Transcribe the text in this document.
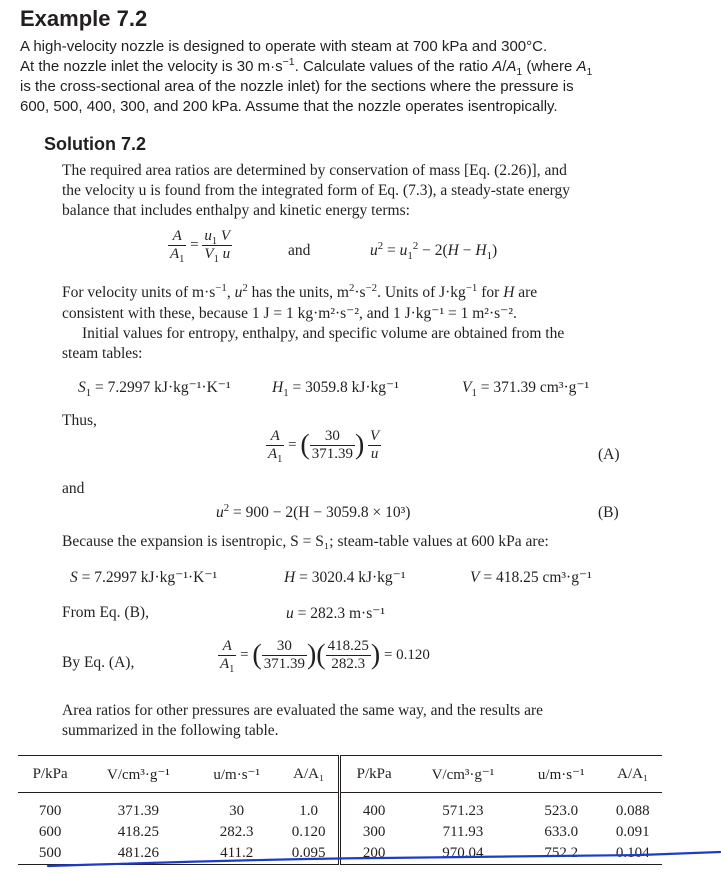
Example 7.2
A high-velocity nozzle is designed to operate with steam at 700 kPa and 300°C.
At the nozzle inlet the velocity is 30 $m\cdot s^{-1}$. Calculate values of the ratio $A/A_1$ (where $A_1$
is the cross-sectional area of the nozzle inlet) for the sections where the pressure is
600, 500, 400, 300, and 200 kPa. Assume that the nozzle operates isentropically.
Solution 7.2
The required area ratios are determined by conservation of mass [Eq. (2.26)], and
the velocity u is found from the integrated form of Eq. (7.3), a steady-state energy
balance that includes enthalpy and kinetic energy terms:
$\frac{A}{A_1} = \frac{u_1 V}{V_1 u}$	and	$u^2 = u_1^2 - 2(H - H_1)$
For velocity units of $m\cdot s^{-1}$, $u^2$ has the units, $m^2\cdot s^{-2}$. Units of $J\cdot kg^{-1}$ for H are
consistent with these, because 1 J = 1 kg·m²·s⁻², and 1 J·kg⁻¹ = 1 m²·s⁻².
Initial values for entropy, enthalpy, and specific volume are obtained from the
steam tables:
$S_1 = 7.2997$ kJ·kg⁻¹·K⁻¹	$H_1 = 3059.8$ kJ·kg⁻¹	$V_1 = 371.39$ cm³·g⁻¹
Thus,
$\frac{A}{A_1}$ = ( $\frac{30}{371.39}$ ) $\frac{V}{u}$	(A)
and
$u^2 = 900 - 2(H - 3059.8 \times 10^3)$	(B)
Because the expansion is isentropic, S = S₁; steam-table values at 600 kPa are:
S = 7.2997 kJ·kg⁻¹·K⁻¹	H = 3020.4 kJ·kg⁻¹	V = 418.25 cm³·g⁻¹
From Eq. (B),	u = 282.3 m·s⁻¹
By Eq. (A),	$\frac{A}{A_1}$ = ( $\frac{30}{371.39}$ )( $\frac{418.25}{282.3}$ ) = 0.120
Area ratios for other pressures are evaluated the same way, and the results are
summarized in the following table.
P/kPa	V/cm³·g⁻¹	u/m·s⁻¹	A/A₁	P/kPa	V/cm³·g⁻¹	u/m·s⁻¹	A/A₁
700	371.39	30	1.0	400	571.23	523.0	0.088
600	418.25	282.3	0.120	300	711.93	633.0	0.091
500	481.26	411.2	0.095	200	970.04	752.2	0.104
